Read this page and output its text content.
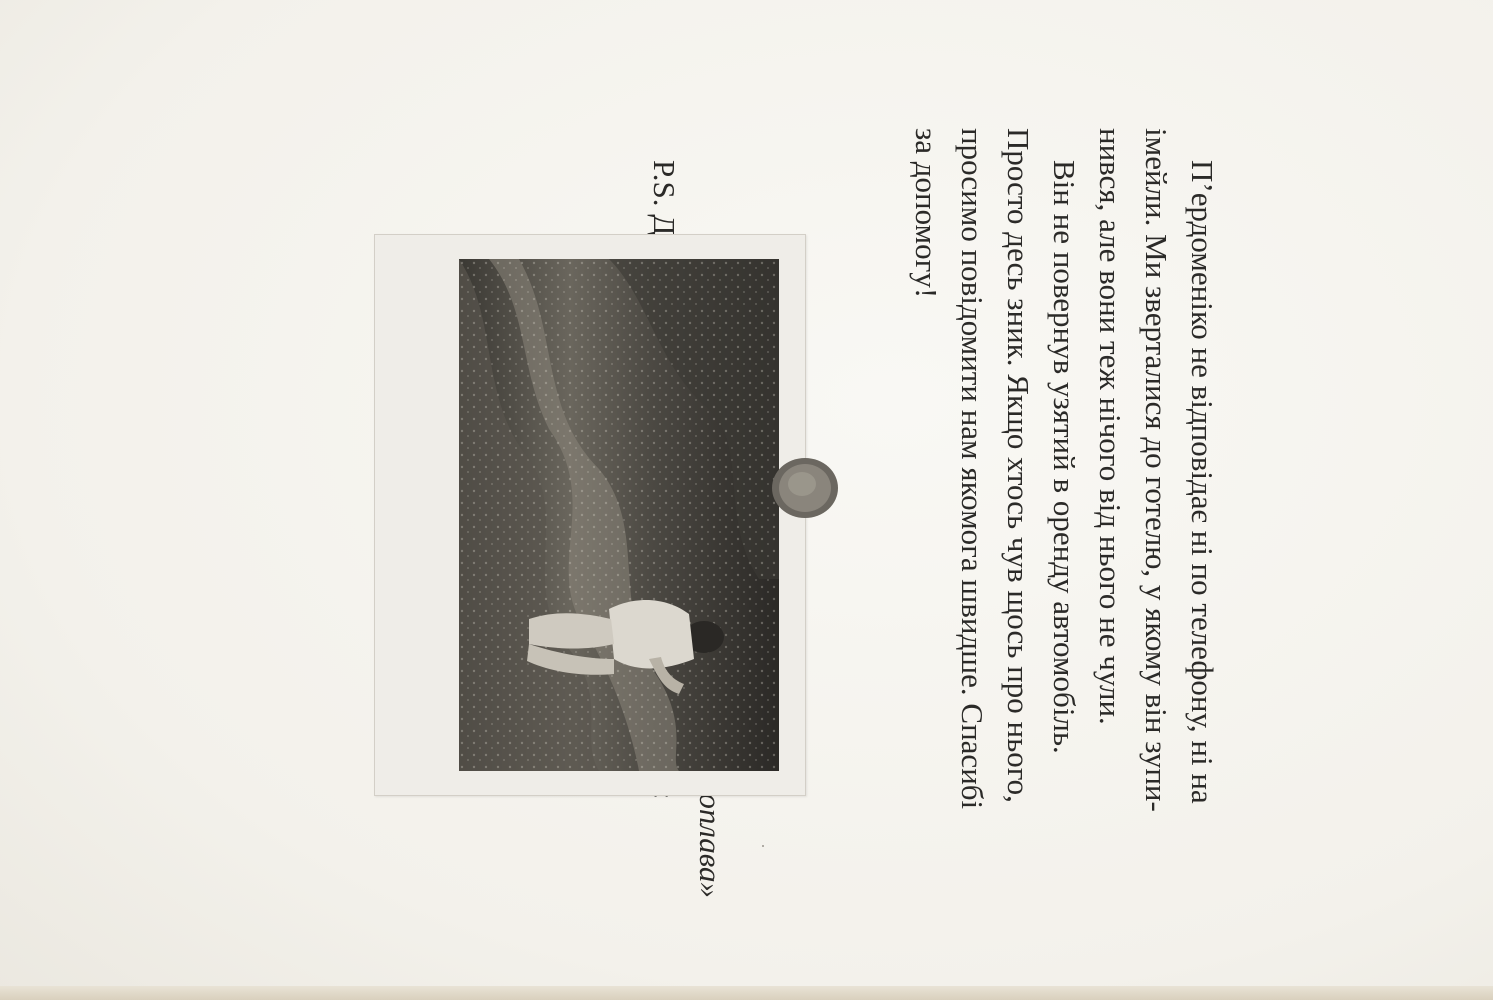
П’ердоменіко не відповідає ні по телефону, ні на
імейли. Ми зверталися до готелю, у якому він зупи-
нився, але вони теж нічого від нього не чули.

Він не повернув узятий в оренду автомобіль.
Просто десь зник. Якщо хтось чув щось про нього,
просимо повідомити нам якомога швидше. Спасибі
за допомогу!
